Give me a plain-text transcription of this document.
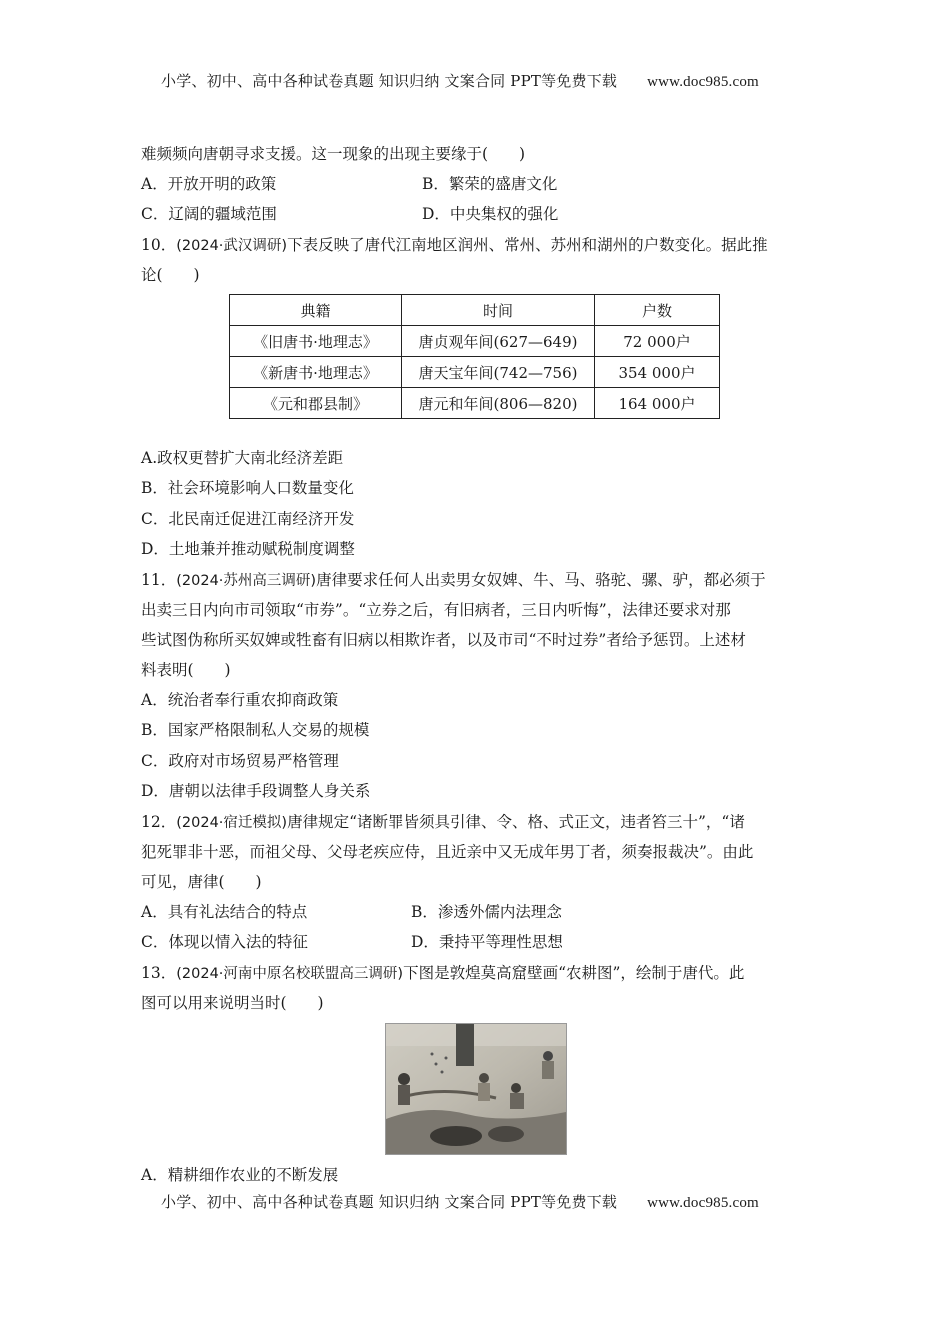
小学、初中、高中各种试卷真题 知识归纳 文案合同 PPT等免费下载 www.doc985.com
难频频向唐朝寻求支援。这一现象的出现主要缘于(　　)
A．开放开明的政策	B．繁荣的盛唐文化
C．辽阔的疆域范围	D．中央集权的强化
10．(2024·武汉调研)下表反映了唐代江南地区润州、常州、苏州和湖州的户数变化。据此推
论(　　)
典籍	时间	户数
《旧唐书·地理志》	唐贞观年间(627—649)	72 000户
《新唐书·地理志》	唐天宝年间(742—756)	354 000户
《元和郡县制》	唐元和年间(806—820)	164 000户
A.政权更替扩大南北经济差距
B．社会环境影响人口数量变化
C．北民南迁促进江南经济开发
D．土地兼并推动赋税制度调整
11．(2024·苏州高三调研)唐律要求任何人出卖男女奴婢、牛、马、骆驼、骡、驴，都必须于
出卖三日内向市司领取“市券”。“立券之后，有旧病者，三日内听悔”，法律还要求对那
些试图伪称所买奴婢或牲畜有旧病以相欺诈者，以及市司“不时过券”者给予惩罚。上述材
料表明(　　)
A．统治者奉行重农抑商政策
B．国家严格限制私人交易的规模
C．政府对市场贸易严格管理
D．唐朝以法律手段调整人身关系
12．(2024·宿迁模拟)唐律规定“诸断罪皆须具引律、令、格、式正文，违者笞三十”，“诸
犯死罪非十恶，而祖父母、父母老疾应侍，且近亲中又无成年男丁者，须奏报裁决”。由此
可见，唐律(　　)
A．具有礼法结合的特点	B．渗透外儒内法理念
C．体现以情入法的特征	D．秉持平等理性思想
13．(2024·河南中原名校联盟高三调研)下图是敦煌莫高窟壁画“农耕图”，绘制于唐代。此
图可以用来说明当时(　　)
A．精耕细作农业的不断发展
小学、初中、高中各种试卷真题 知识归纳 文案合同 PPT等免费下载 www.doc985.com
